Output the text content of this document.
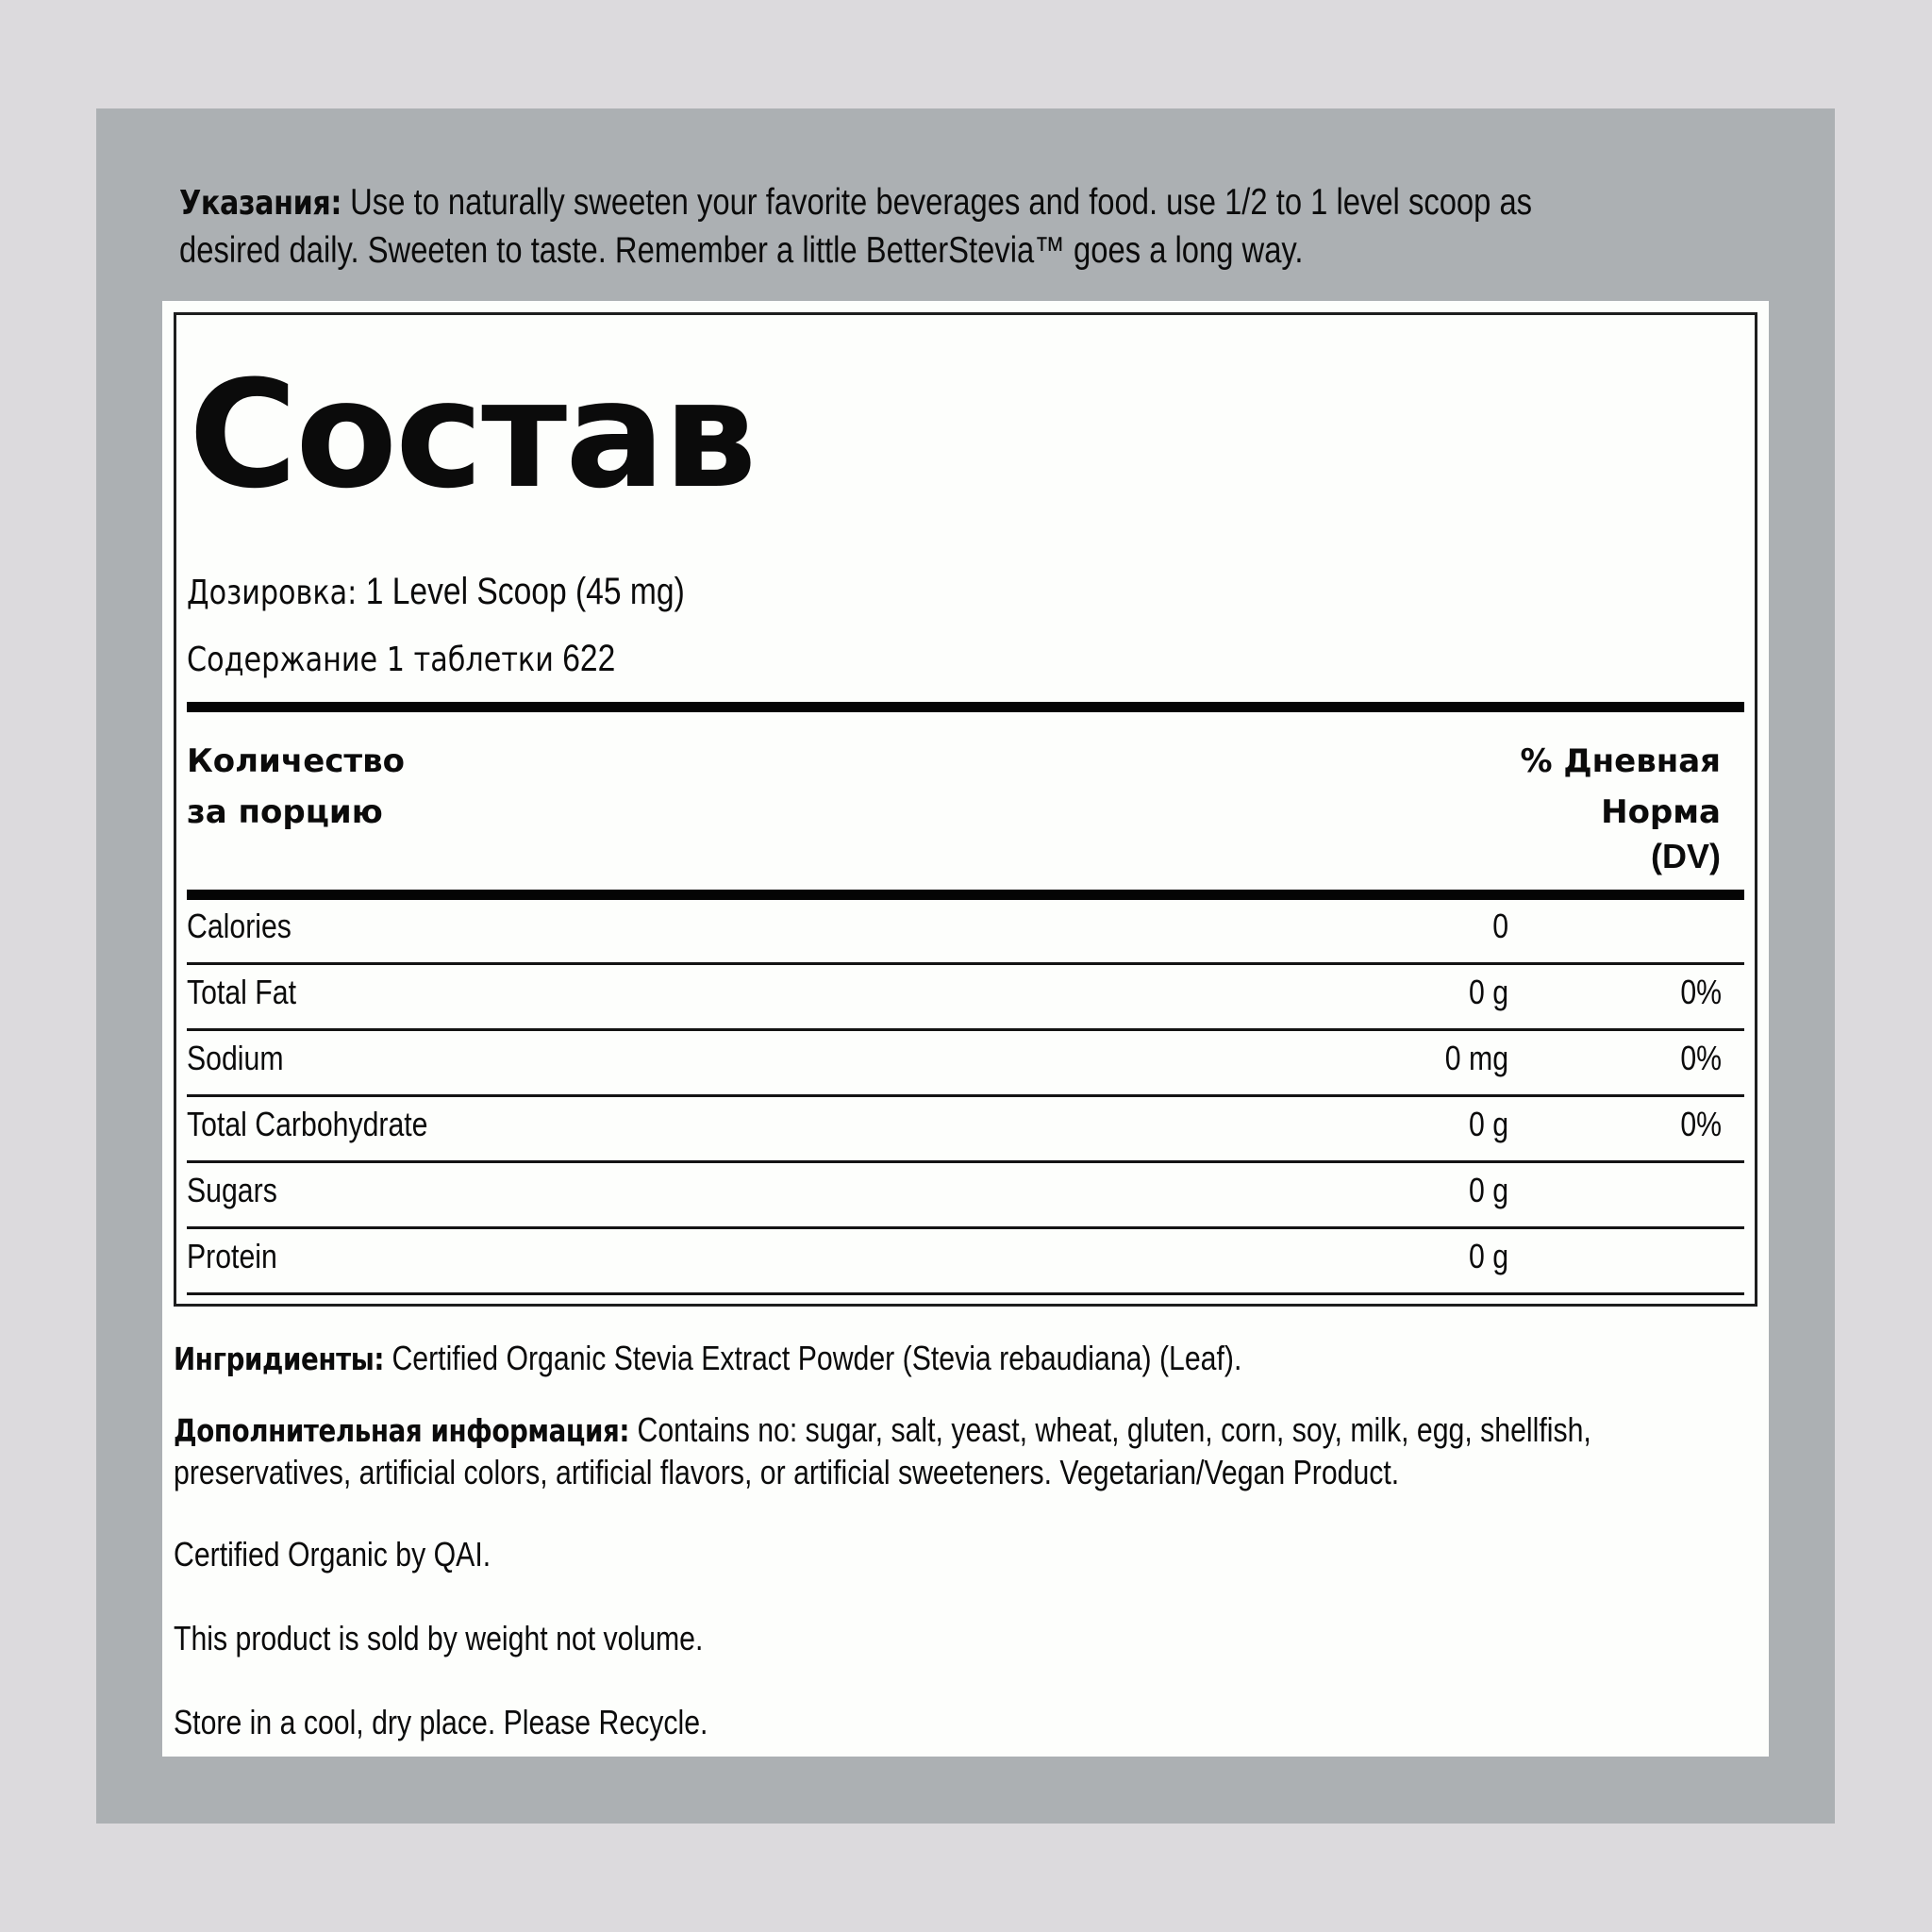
Указания: Use to naturally sweeten your favorite beverages and food. use 1/2 to 1 level scoop as
desired daily. Sweeten to taste. Remember a little BetterStevia™ goes a long way.
Состав
Дозировка: 1 Level Scoop (45 mg)
Содержание 1 таблетки 622
Количество
за порцию
% Дневная
Норма
(DV)
Calories	0
Total Fat	0 g	0%
Sodium	0 mg	0%
Total Carbohydrate	0 g	0%
Sugars	0 g
Protein	0 g
Ингридиенты: Certified Organic Stevia Extract Powder (Stevia rebaudiana) (Leaf).
Дополнительная информация: Contains no: sugar, salt, yeast, wheat, gluten, corn, soy, milk, egg, shellfish,
preservatives, artificial colors, artificial flavors, or artificial sweeteners. Vegetarian/Vegan Product.
Certified Organic by QAI.
This product is sold by weight not volume.
Store in a cool, dry place. Please Recycle.
